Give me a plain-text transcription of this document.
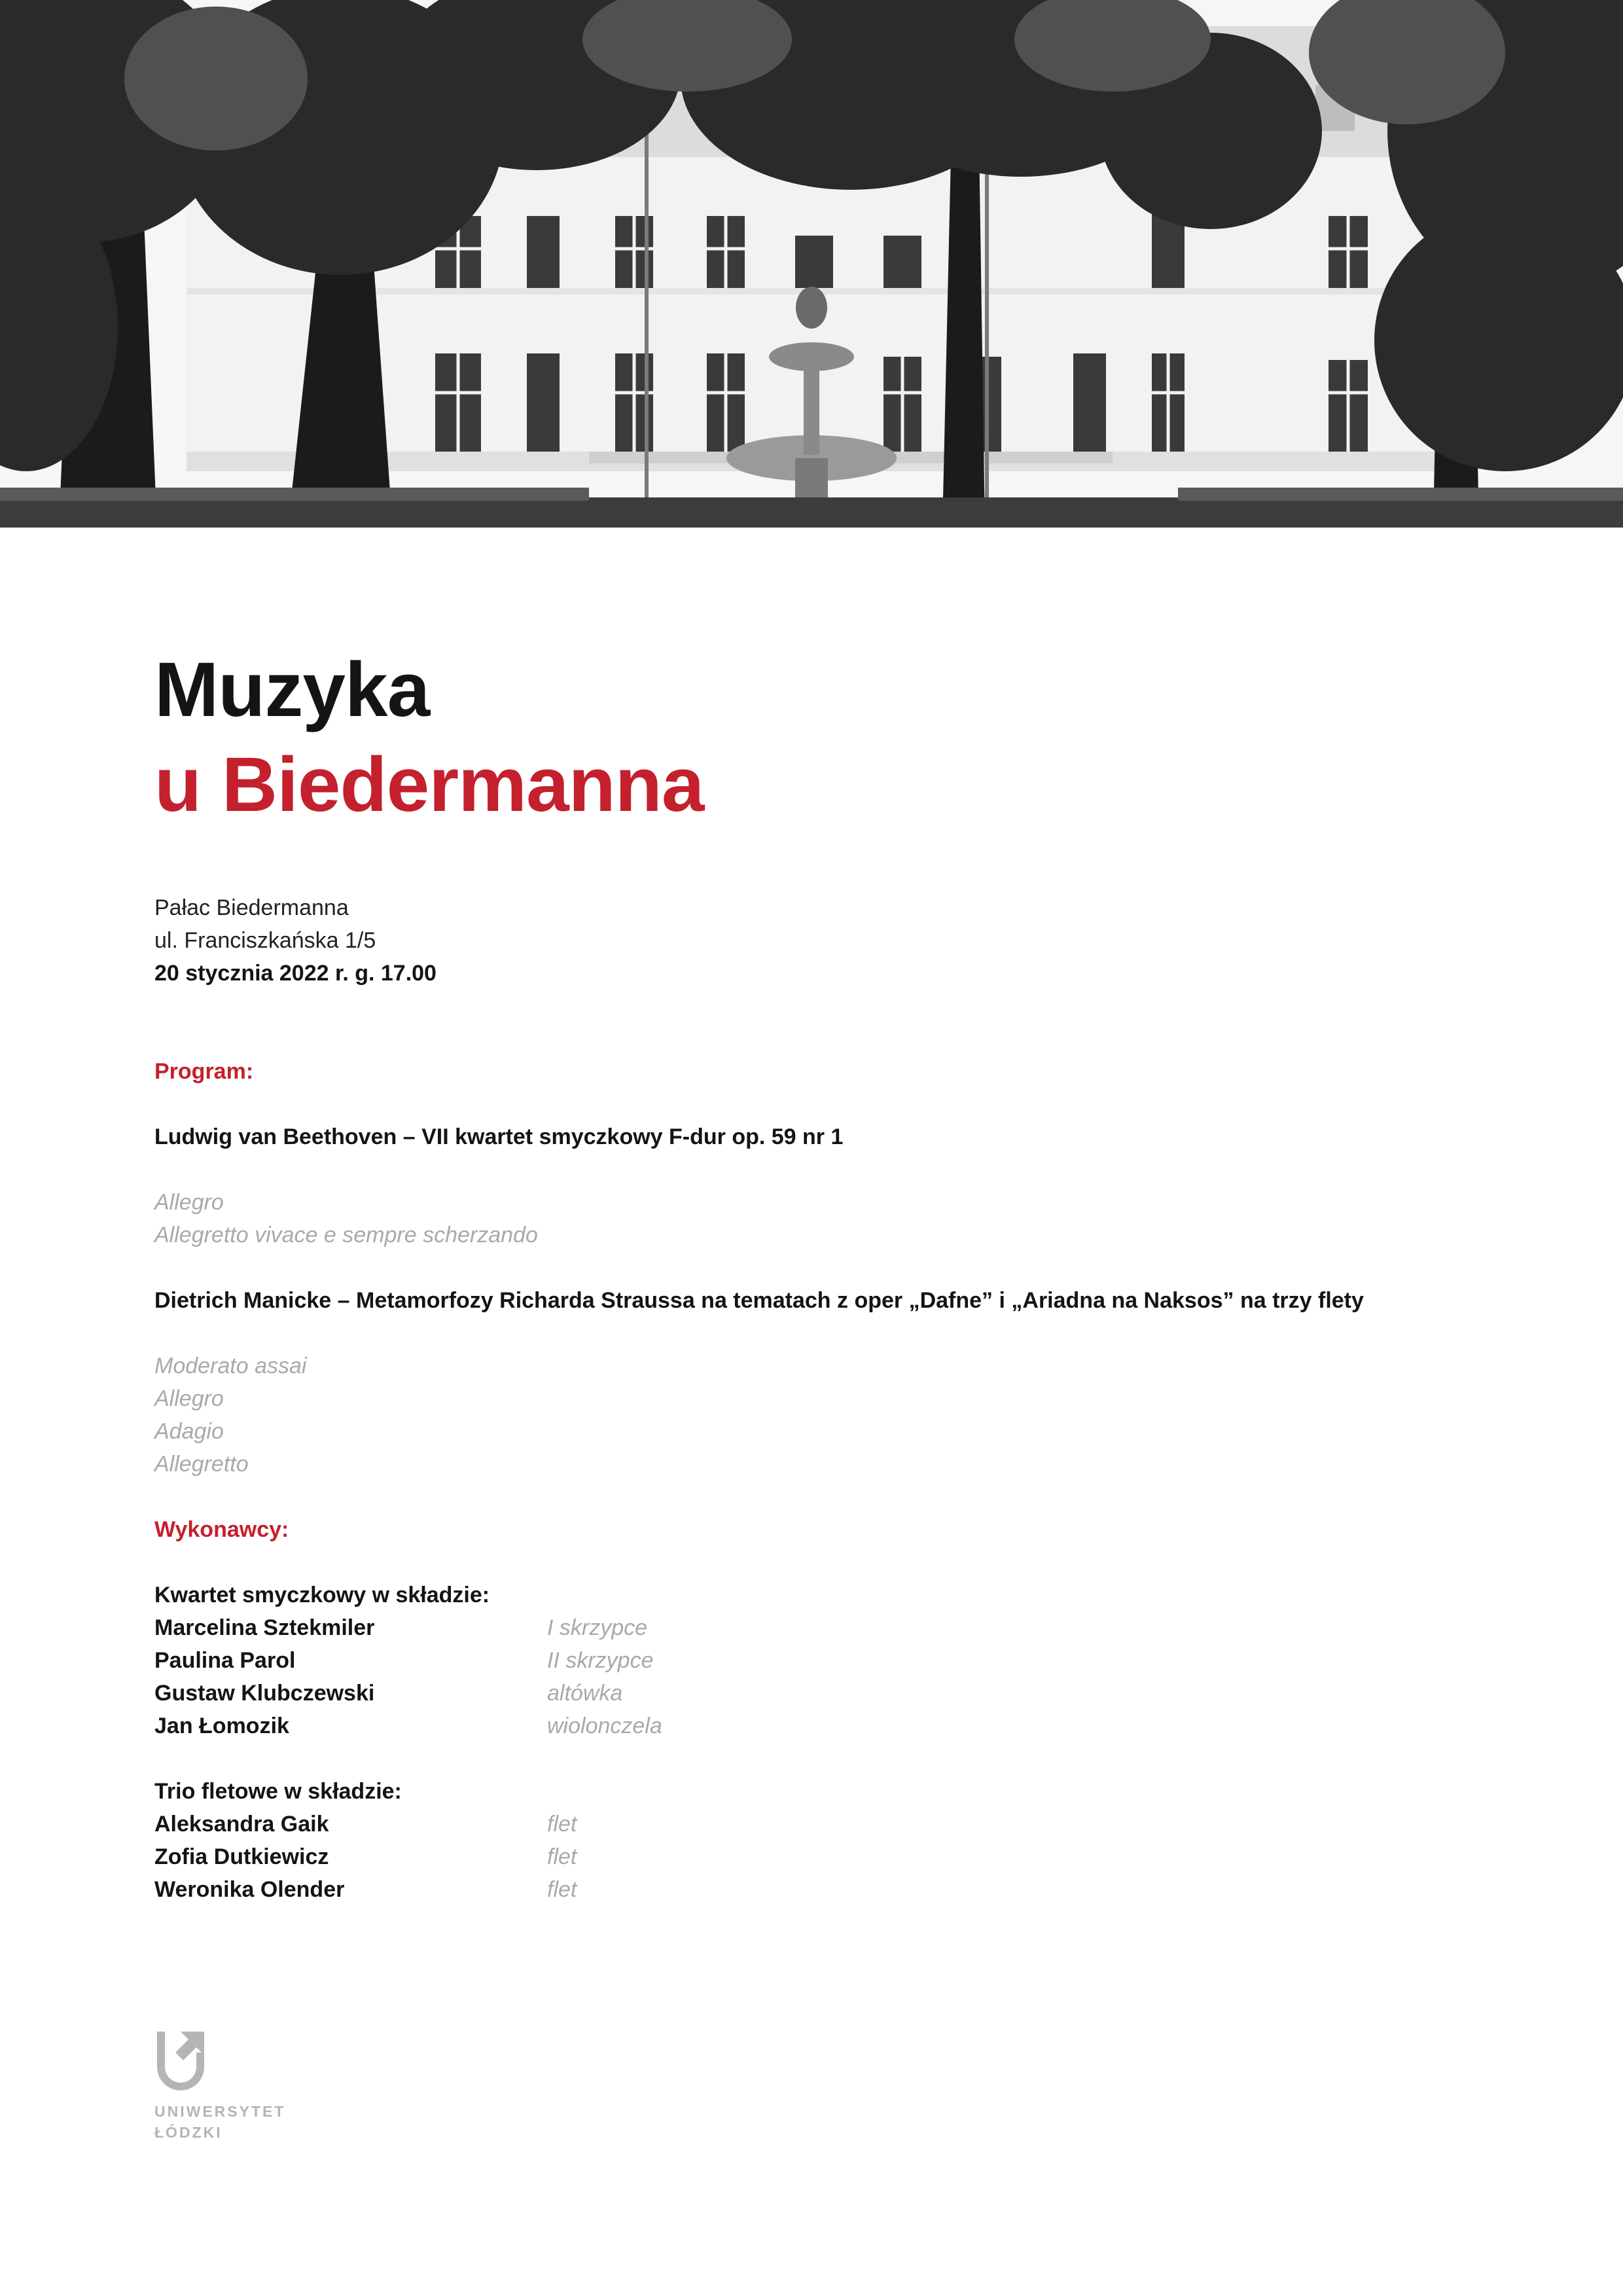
Muzyka
u Biedermanna
Pałac Biedermanna
ul. Franciszkańska 1/5
20 stycznia 2022 r. g. 17.00
Program:
Ludwig van Beethoven – VII kwartet smyczkowy F-dur op. 59 nr 1
Allegro
Allegretto vivace e sempre scherzando
Dietrich Manicke – Metamorfozy Richarda Straussa na tematach z oper „Dafne” i „Ariadna na Naksos” na trzy flety
Moderato assai
Allegro
Adagio
Allegretto
Wykonawcy:
Kwartet smyczkowy w składzie:
Marcelina Sztekmiler	I skrzypce
Paulina Parol	II skrzypce
Gustaw Klubczewski	altówka
Jan Łomozik	wiolonczela
Trio fletowe w składzie:
Aleksandra Gaik	flet
Zofia Dutkiewicz	flet
Weronika Olender	flet
UNIWERSYTET
ŁÓDZKI
